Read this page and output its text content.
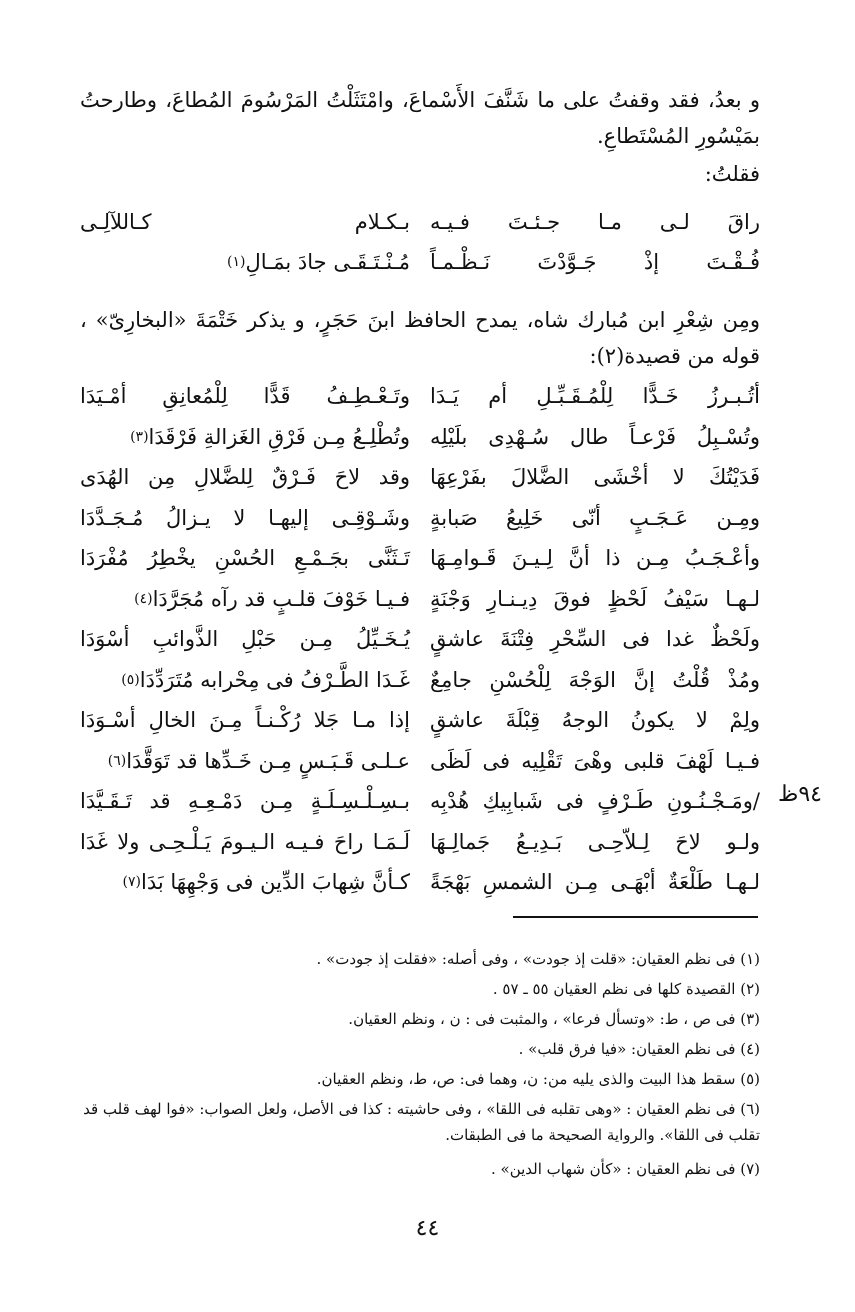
و بعدُ، فقد وقفتُ على ما شَنَّفَ الأَسْماعَ، وامْتَثَلْتُ المَرْسُومَ المُطاعَ، وطارحتُ بمَيْسُورِ المُسْتَطاعِ.
فقلتُ:
راقَ لـى مـا جـئـتَ فـيـه
بـكـلام كـاللآلِـى
فُـقْـتَ إذْ جَـوَّدْتَ نَـظْـمـاً
مُـنْـتَـقَـى جادَ بمَـالِ$^{(١)}$
ومِن شِعْرِ ابن مُبارك شاه، يمدح الحافظ ابنَ حَجَرٍ، و يذكر خَتْمَةَ «البخارِىّ» ، قوله من قصيدة(٢):
أتُـبـرزُ خَـدًّا لِلْمُـقَـبِّـلِ أم يَـدَا
وتَـعْـطِـفُ قَدًّا لِلْمُعانِقِ أمْـيَدَا
وتُسْـبِلُ فَرْعـاً طال سُـهْدِى بلَيْلِه
وتُطْلِـعُ مِـن فَرْقِ الغَزالةِ فَرْقَدَا$^{(٣)}$
فَدَيْتُكَ لا أخْشَى الضَّلالَ بفَرْعِهَا
وقد لاحَ فَـرْقٌ لِلضَّلالِ مِن الهُدَى
ومِـن عَـجَـبٍ أنّى خَلِيعُ صَبابةٍ
وشَـوْقِـى إليهـا لا يـزالُ مُـجَـدَّدَا
وأعْـجَـبُ مِـن ذا أنَّ لِـيـنَ قَـوامِـهَا
تَـثَنَّى بجَـمْـعِ الحُسْنِ يخْطِرُ مُفْرَدَا
لـهـا سَيْفُ لَحْظٍ فوقَ دِيـنـارِ وَجْنَةٍ
فـيـا خَوْفَ قلـبٍ قد رآه مُجَرَّدَا$^{(٤)}$
ولَحْظٌ غدا فى السِّحْرِ فِتْنَةَ عاشقٍ
يُـخَـيِّلُ مِـن حَبْلِ الذَّوائبِ أسْوَدَا
ومُذْ قُلْتُ إنَّ الوَجْهَ لِلْحُسْنِ جامِعٌ
غَـدَا الطَّـرْفُ فى مِحْرابه مُتَرَدِّدَا$^{(٥)}$
ولِمْ لا يكونُ الوجهُ قِبْلَةَ عاشقٍ
إذا مـا جَلا رُكْـنـاً مِـنَ الخالِ أسْـوَدَا
فـيـا لَهْفَ قلبى وهْىَ تَقْلِيه فى لَظَى
عـلـى قَـبَـسٍ مِـن خَـدِّها قد تَوَقَّدَا$^{(٦)}$
/ومَـجْـنُـونِ طَـرْفٍ فى شَبابِيكِ هُدْبِه
بـسِـلْـسِـلَـةٍ مِـن دَمْـعِـهِ قد تَـقَـيَّدَا
ولـو لاحَ لِـلاّحِـى بَـدِيـعُ جَمالِـهَا
لَـمَـا راحَ فـيـه الـيـومَ يَـلْـحِـى ولا غَدَا
لـهـا طَلْعَةٌ أبْهَـى مِـن الشمسِ بَهْجَةً
كـأنَّ شِهابَ الدِّين فى وَجْهِهَا بَدَا$^{(٧)}$
٩٤ظ
(١) فى نظم العقيان: «قلت إذ جودت» ، وفى أصله: «فقلت إذ جودت» .
(٢) القصيدة كلها فى نظم العقيان ٥٥ ـ ٥٧ .
(٣) فى ص ، ط: «وتسأل فرعا» ، والمثبت فى : ن ، ونظم العقيان.
(٤) فى نظم العقيان: «فيا فرق قلب» .
(٥) سقط هذا البيت والذى يليه من: ن، وهما فى: ص، ط، ونظم العقيان.
(٦) فى نظم العقيان : «وهى تقلبه فى اللقا» ، وفى حاشيته : كذا فى الأصل، ولعل الصواب: «فوا لهف قلب قد تقلب فى اللقا». والرواية الصحيحة ما فى الطبقات.
(٧) فى نظم العقيان : «كأن شهاب الدين» .
٤٤
